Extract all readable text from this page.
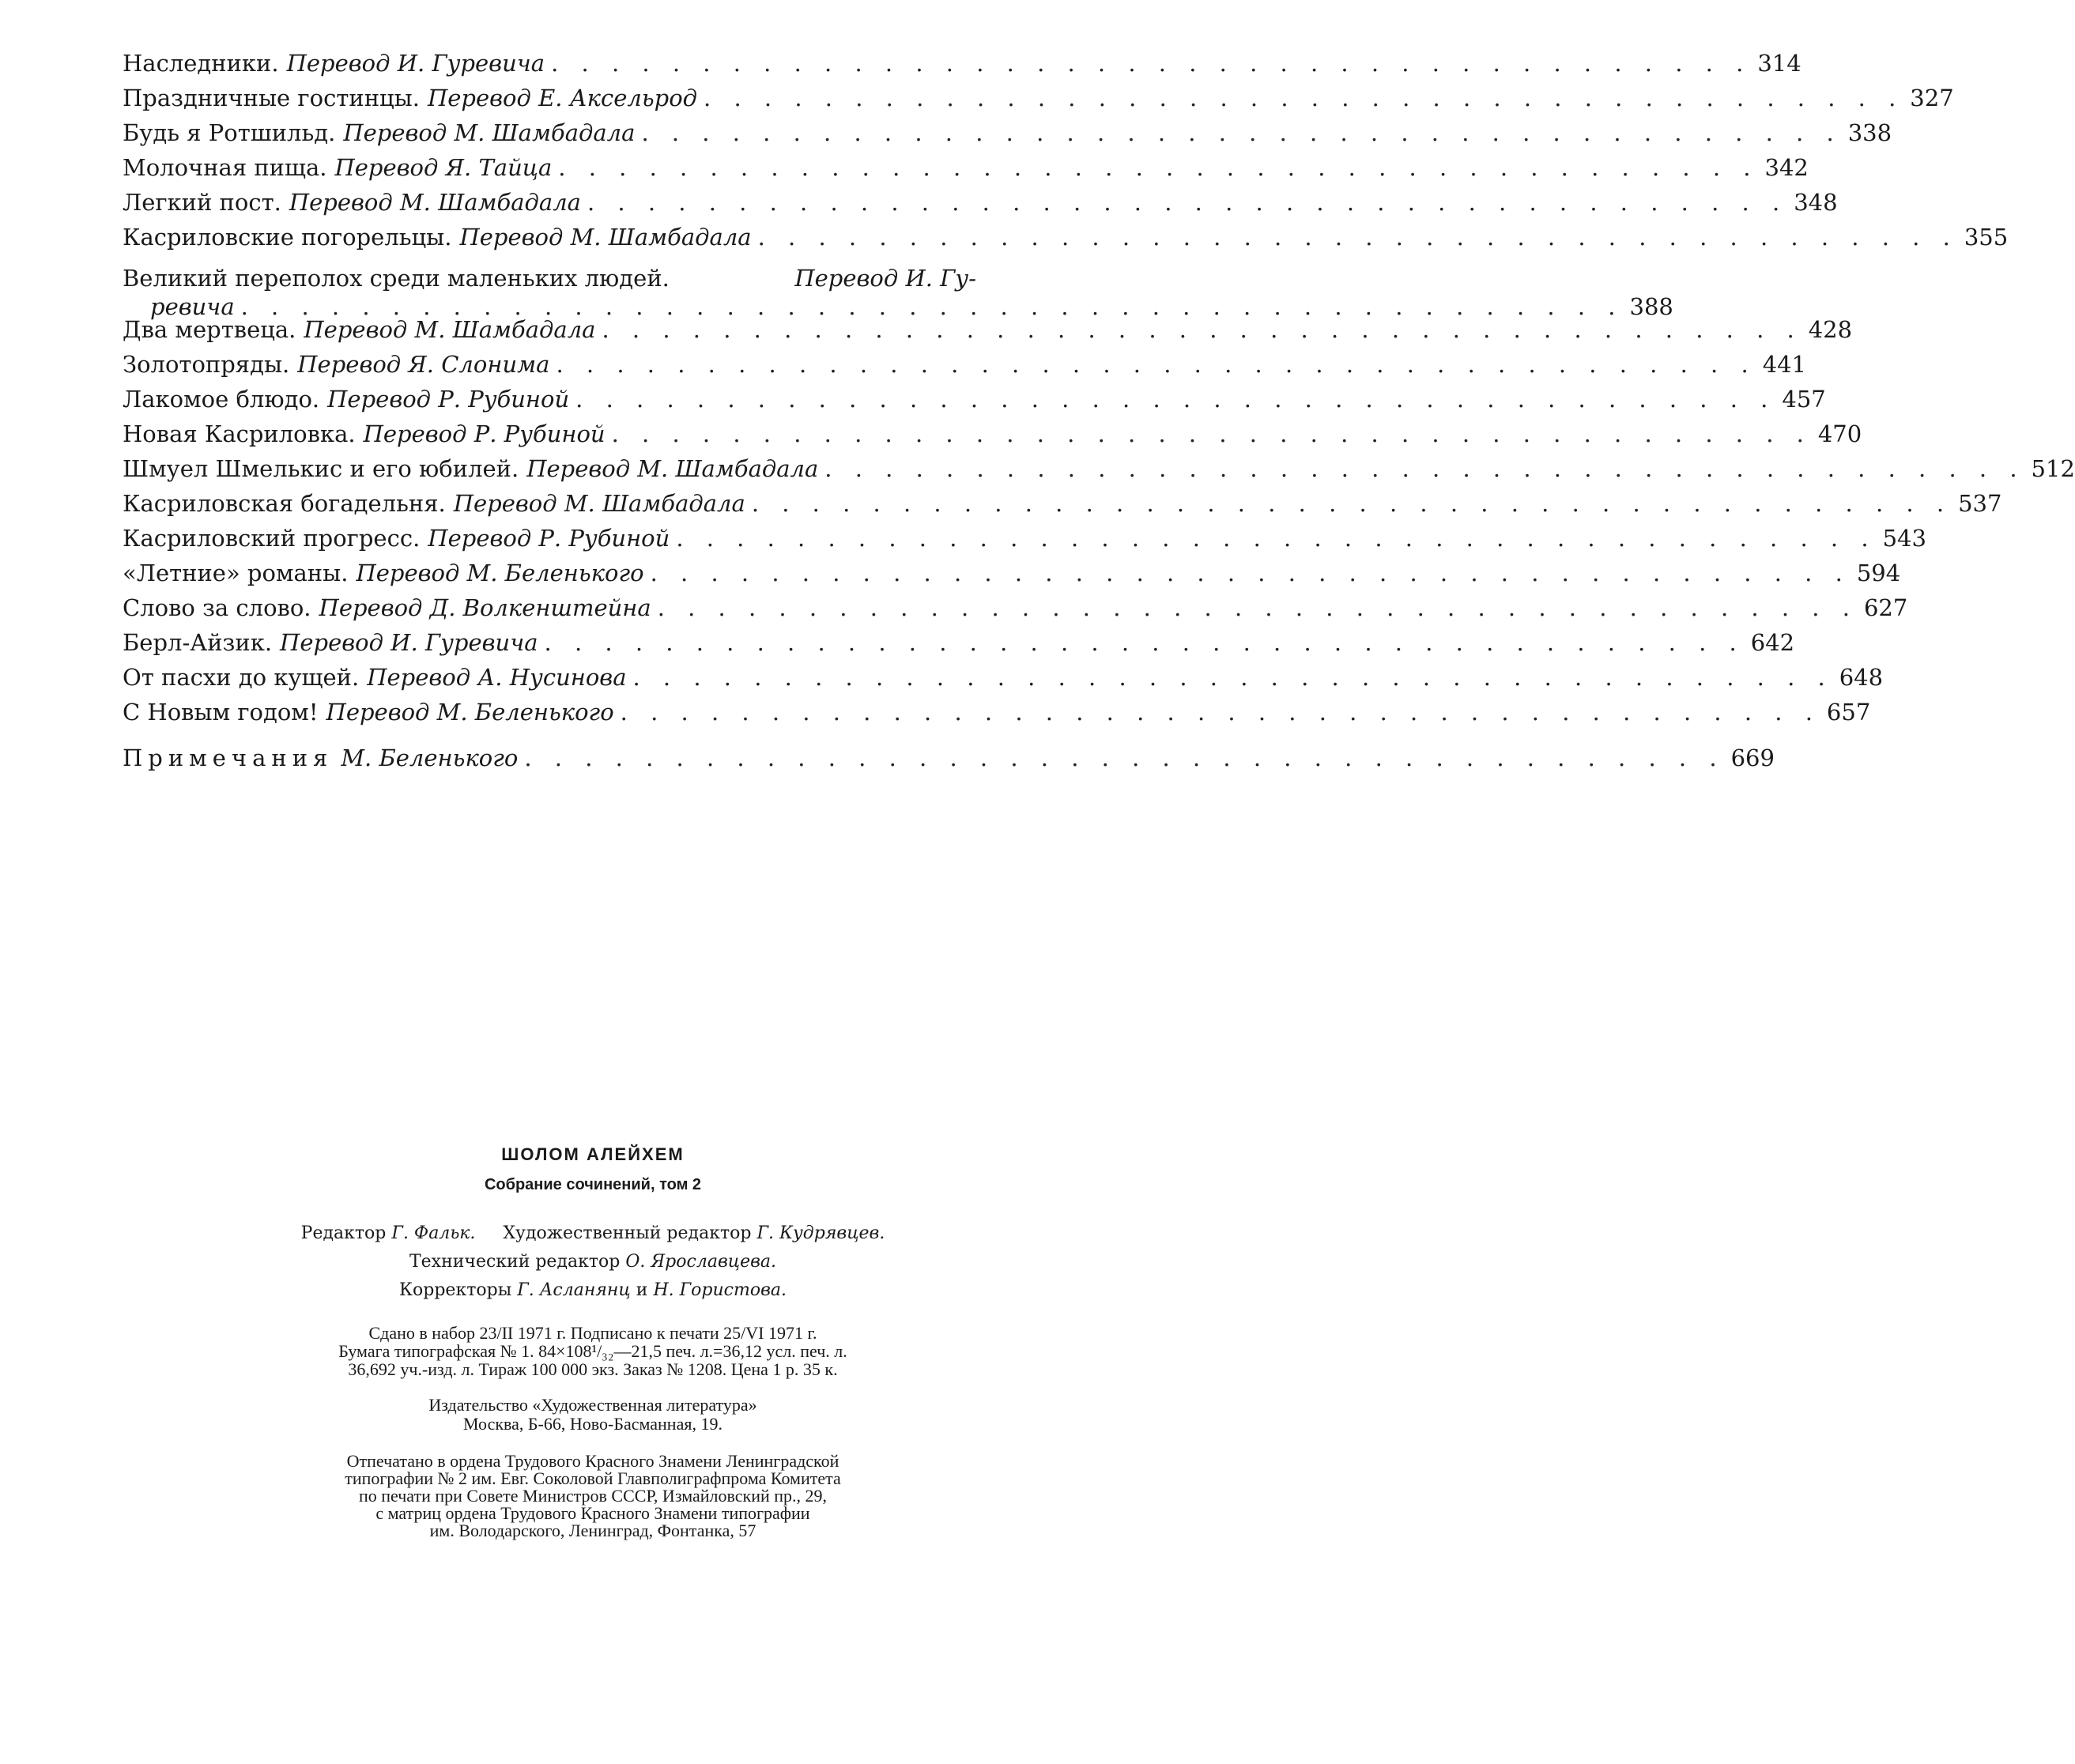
Наследники. Перевод И. Гуревича . . . . . . . . . . . . . . . . . . . . . . . . . . . . . . . . . . . . . . . . 314
Праздничные гостинцы. Перевод Е. Аксельрод . . . . . . . . . . . . . . . . . . . . . . . . . . . . . . . . . . . . . . . . 327
Будь я Ротшильд. Перевод М. Шамбадала . . . . . . . . . . . . . . . . . . . . . . . . . . . . . . . . . . . . . . . . 338
Молочная пища. Перевод Я. Тайца . . . . . . . . . . . . . . . . . . . . . . . . . . . . . . . . . . . . . . . . 342
Легкий пост. Перевод М. Шамбадала . . . . . . . . . . . . . . . . . . . . . . . . . . . . . . . . . . . . . . . . 348
Касриловские погорельцы. Перевод М. Шамбадала . . . . . . . . . . . . . . . . . . . . . . . . . . . . . . . . . . . . . . . . 355
Великий переполох среди маленьких людей.	Перевод И. Гу-
ревича . . . . . . . . . . . . . . . . . . . . . . . . . . . . . . . . . . . . . . . . . . . . . . 388
Два мертвеца. Перевод М. Шамбадала . . . . . . . . . . . . . . . . . . . . . . . . . . . . . . . . . . . . . . . . 428
Золотопряды. Перевод Я. Слонима . . . . . . . . . . . . . . . . . . . . . . . . . . . . . . . . . . . . . . . . 441
Лакомое блюдо. Перевод Р. Рубиной . . . . . . . . . . . . . . . . . . . . . . . . . . . . . . . . . . . . . . . . 457
Новая Касриловка. Перевод Р. Рубиной . . . . . . . . . . . . . . . . . . . . . . . . . . . . . . . . . . . . . . . . 470
Шмуел Шмелькис и его юбилей. Перевод М. Шамбадала . . . . . . . . . . . . . . . . . . . . . . . . . . . . . . . . . . . . . . . . 512
Касриловская богадельня. Перевод М. Шамбадала . . . . . . . . . . . . . . . . . . . . . . . . . . . . . . . . . . . . . . . . 537
Касриловский прогресс. Перевод Р. Рубиной . . . . . . . . . . . . . . . . . . . . . . . . . . . . . . . . . . . . . . . . 543
«Летние» романы. Перевод М. Беленького . . . . . . . . . . . . . . . . . . . . . . . . . . . . . . . . . . . . . . . . 594
Слово за слово. Перевод Д. Волкенштейна . . . . . . . . . . . . . . . . . . . . . . . . . . . . . . . . . . . . . . . . 627
Берл-Айзик. Перевод И. Гуревича . . . . . . . . . . . . . . . . . . . . . . . . . . . . . . . . . . . . . . . . 642
От пасхи до кущей. Перевод А. Нусинова . . . . . . . . . . . . . . . . . . . . . . . . . . . . . . . . . . . . . . . . 648
С Новым годом! Перевод М. Беленького . . . . . . . . . . . . . . . . . . . . . . . . . . . . . . . . . . . . . . . . 657
Примечания М. Беленького . . . . . . . . . . . . . . . . . . . . . . . . . . . . . . . . . . . . . . . . 669

ШОЛОМ АЛЕЙХЕМ

Собрание сочинений, том 2

Редактор Г. Фальк. Художественный редактор Г. Кудрявцев.
Технический редактор О. Ярославцева.
Корректоры Г. Асланянц и Н. Гористова.
Сдано в набор 23/II 1971 г. Подписано к печати 25/VI 1971 г.
Бумага типографская № 1. 84×108¹/₃₂—21,5 печ. л.=36,12 усл. печ. л.
36,692 уч.-изд. л. Тираж 100 000 экз. Заказ № 1208. Цена 1 р. 35 к.
Издательство «Художественная литература»
Москва, Б-66, Ново-Басманная, 19.
Отпечатано в ордена Трудового Красного Знамени Ленинградской
типографии № 2 им. Евг. Соколовой Главполиграфпрома Комитета
по печати при Совете Министров СССР, Измайловский пр., 29,
с матриц ордена Трудового Красного Знамени типографии
им. Володарского, Ленинград, Фонтанка, 57
